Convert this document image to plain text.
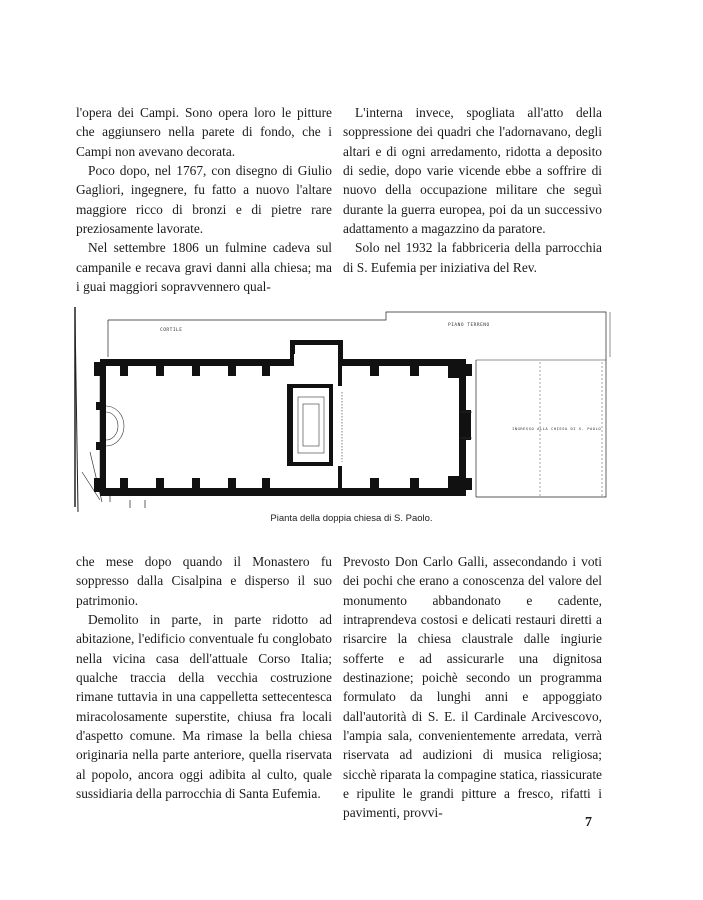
l'opera dei Campi. Sono opera loro le pitture che aggiunsero nella parete di fondo, che i Campi non avevano decorata.

Poco dopo, nel 1767, con disegno di Giulio Gagliori, ingegnere, fu fatto a nuovo l'altare maggiore ricco di bronzi e di pietre rare preziosamente lavorate.

Nel settembre 1806 un fulmine cadeva sul campanile e recava gravi danni alla chiesa; ma i guai maggiori sopravvennero qual-

L'interna invece, spogliata all'atto della soppressione dei quadri che l'adornavano, degli altari e di ogni arredamento, ridotta a deposito di sedie, dopo varie vicende ebbe a soffrire di nuovo della occupazione militare che seguì durante la guerra europea, poi da un successivo adattamento a magazzino da paratore.

Solo nel 1932 la fabbriceria della parrocchia di S. Eufemia per iniziativa del Rev.

CORTILE
PIANO TERRENO
INGRESSO ALLA CHIESA DI S. PAOLO
Pianta della doppia chiesa di S. Paolo.

che mese dopo quando il Monastero fu soppresso dalla Cisalpina e disperso il suo patrimonio.

Demolito in parte, in parte ridotto ad abitazione, l'edificio conventuale fu conglobato nella vicina casa dell'attuale Corso Italia; qualche traccia della vecchia costruzione rimane tuttavia in una cappelletta settecentesca miracolosamente superstite, chiusa fra locali d'aspetto comune. Ma rimase la bella chiesa originaria nella parte anteriore, quella riservata al popolo, ancora oggi adibita al culto, quale sussidiaria della parrocchia di Santa Eufemia.

Prevosto Don Carlo Galli, assecondando i voti dei pochi che erano a conoscenza del valore del monumento abbandonato e cadente, intraprendeva costosi e delicati restauri diretti a risarcire la chiesa claustrale dalle ingiurie sofferte e ad assicurarle una dignitosa destinazione; poichè secondo un programma formulato da lunghi anni e appoggiato dall'autorità di S. E. il Cardinale Arcivescovo, l'ampia sala, convenientemente arredata, verrà riservata ad audizioni di musica religiosa; sicchè riparata la compagine statica, riassicurate e ripulite le grandi pitture a fresco, rifatti i pavimenti, provvi-

7
